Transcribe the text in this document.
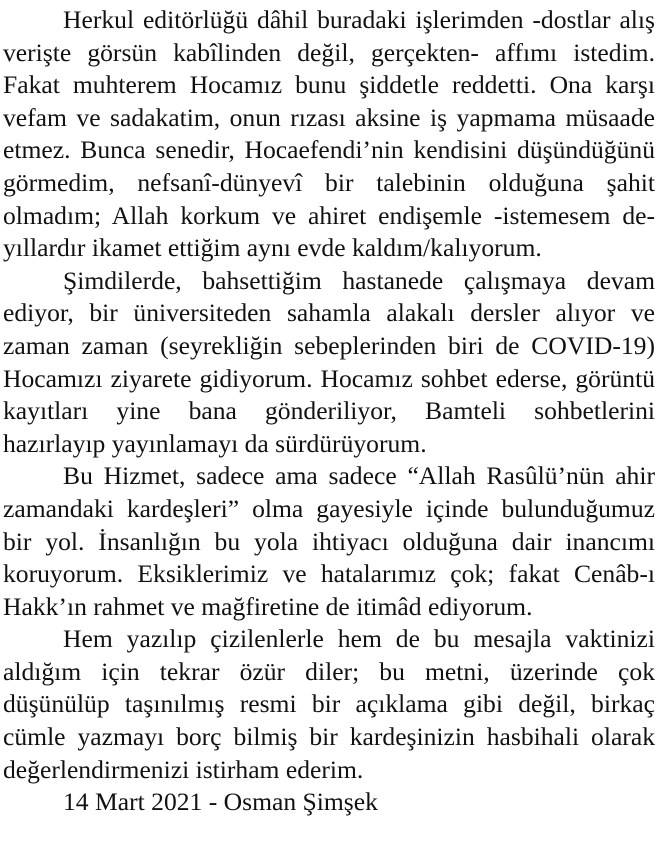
Herkul editörlüğü dâhil buradaki işlerimden -dostlar alış verişte görsün kabîlinden değil, gerçekten- affımı istedim. Fakat muhterem Hocamız bunu şiddetle reddetti. Ona karşı vefam ve sadakatim, onun rızası aksine iş yapmama müsaade etmez. Bunca senedir, Hocaefendi’nin kendisini düşündüğünü görmedim, nefsanî-dünyevî bir talebinin olduğuna şahit olmadım; Allah korkum ve ahiret endişemle -istemesem de- yıllardır ikamet ettiğim aynı evde kaldım/kalıyorum.

Şimdilerde, bahsettiğim hastanede çalışmaya devam ediyor, bir üniversiteden sahamla alakalı dersler alıyor ve zaman zaman (seyrekliğin sebeplerinden biri de COVID-19) Hocamızı ziyarete gidiyorum. Hocamız sohbet ederse, görüntü kayıtları yine bana gönderiliyor, Bamteli sohbetlerini hazırlayıp yayınlamayı da sürdürüyorum.

Bu Hizmet, sadece ama sadece “Allah Rasûlü’nün ahir zamandaki kardeşleri” olma gayesiyle içinde bulunduğumuz bir yol. İnsanlığın bu yola ihtiyacı olduğuna dair inancımı koruyorum. Eksiklerimiz ve hatalarımız çok; fakat Cenâb-ı Hakk’ın rahmet ve mağfiretine de itimâd ediyorum.

Hem yazılıp çizilenlerle hem de bu mesajla vaktinizi aldığım için tekrar özür diler; bu metni, üzerinde çok düşünülüp taşınılmış resmi bir açıklama gibi değil, birkaç cümle yazmayı borç bilmiş bir kardeşinizin hasbihali olarak değerlendirmenizi istirham ederim.

14 Mart 2021 - Osman Şimşek
